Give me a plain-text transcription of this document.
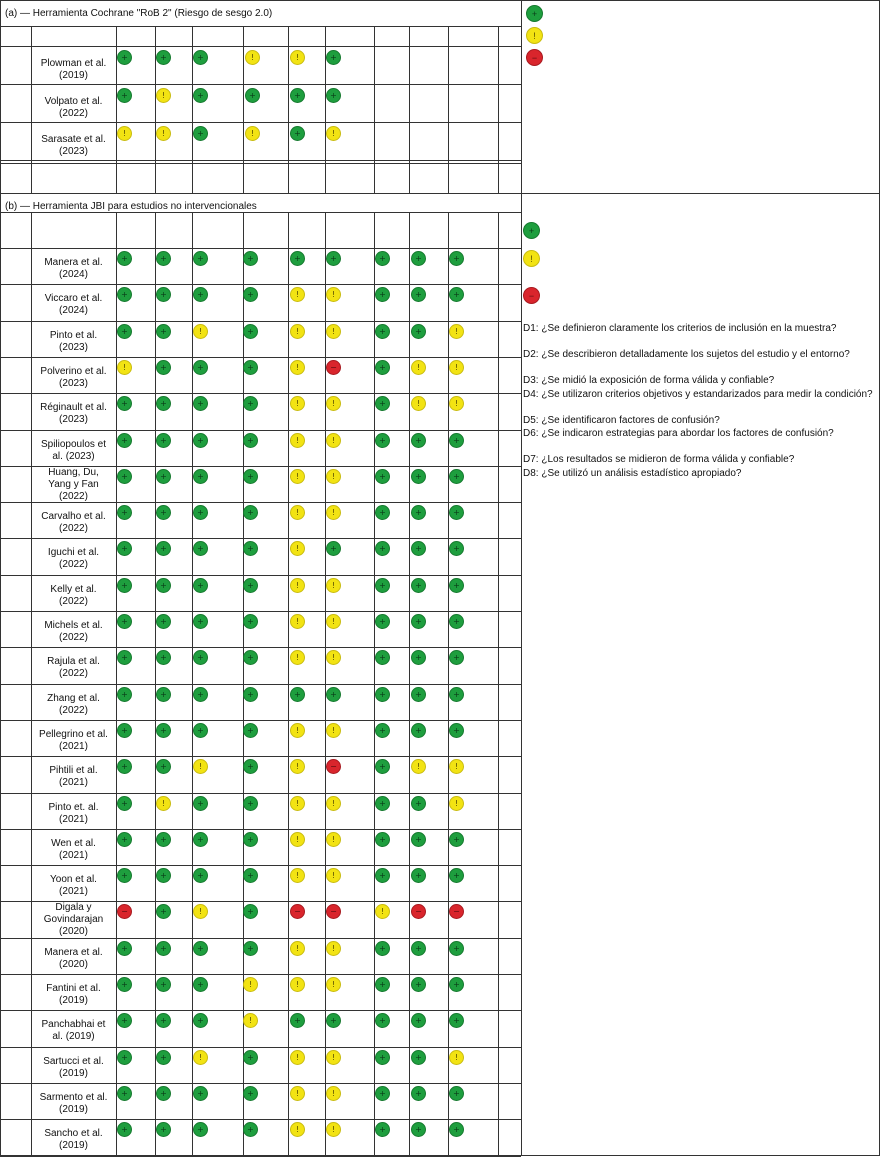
(a) — Herramienta Cochrane "RoB 2" (Riesgo de sesgo 2.0)
(b) — Herramienta JBI para estudios no intervencionales
Plowman et al.
(2019)
+	+	+	!	!	+
Volpato et al.
(2022)
+	!	+	+	+	+
Sarasate et al.
(2023)
!	!	+	!	+	!
+
!
−
Manera et al.
(2024)
+	+	+	+	+	+	+	+	+
Viccaro et al.
(2024)
+	+	+	+	!	!	+	+	+
Pinto et al.
(2023)
+	+	!	+	!	!	+	+	!
Polverino et al.
(2023)
!	+	+	+	!	−	+	!	!
Réginault et al.
(2023)
+	+	+	+	!	!	+	!	!
Spiliopoulos et
al. (2023)
+	+	+	+	!	!	+	+	+
Huang, Du,
Yang y Fan
(2022)
+	+	+	+	!	!	+	+	+
Carvalho et al.
(2022)
+	+	+	+	!	!	+	+	+
Iguchi et al.
(2022)
+	+	+	+	!	+	+	+	+
Kelly et al.
(2022)
+	+	+	+	!	!	+	+	+
Michels et al.
(2022)
+	+	+	+	!	!	+	+	+
Rajula et al.
(2022)
+	+	+	+	!	!	+	+	+
Zhang et al.
(2022)
+	+	+	+	+	+	+	+	+
Pellegrino et al.
(2021)
+	+	+	+	!	!	+	+	+
Pihtili et al.
(2021)
+	+	!	+	!	−	+	!	!
Pinto et. al.
(2021)
+	!	+	+	!	!	+	+	!
Wen et al.
(2021)
+	+	+	+	!	!	+	+	+
Yoon et al.
(2021)
+	+	+	+	!	!	+	+	+
Digala y
Govindarajan
(2020)
−	+	!	+	−	−	!	−	−
Manera et al.
(2020)
+	+	+	+	!	!	+	+	+
Fantini et al.
(2019)
+	+	+	!	!	!	+	+	+
Panchabhai et
al. (2019)
+	+	+	!	+	+	+	+	+
Sartucci et al.
(2019)
+	+	!	+	!	!	+	+	!
Sarmento et al.
(2019)
+	+	+	+	!	!	+	+	+
Sancho et al.
(2019)
+	+	+	+	!	!	+	+	+
+
!
−
D1: ¿Se definieron claramente los criterios de inclusión en la muestra?
D2: ¿Se describieron detalladamente los sujetos del estudio y el entorno?
D3: ¿Se midió la exposición de forma válida y confiable?
D4: ¿Se utilizaron criterios objetivos y estandarizados para medir la condición?
D5: ¿Se identificaron factores de confusión?
D6: ¿Se indicaron estrategias para abordar los factores de confusión?
D7: ¿Los resultados se midieron de forma válida y confiable?
D8: ¿Se utilizó un análisis estadístico apropiado?
